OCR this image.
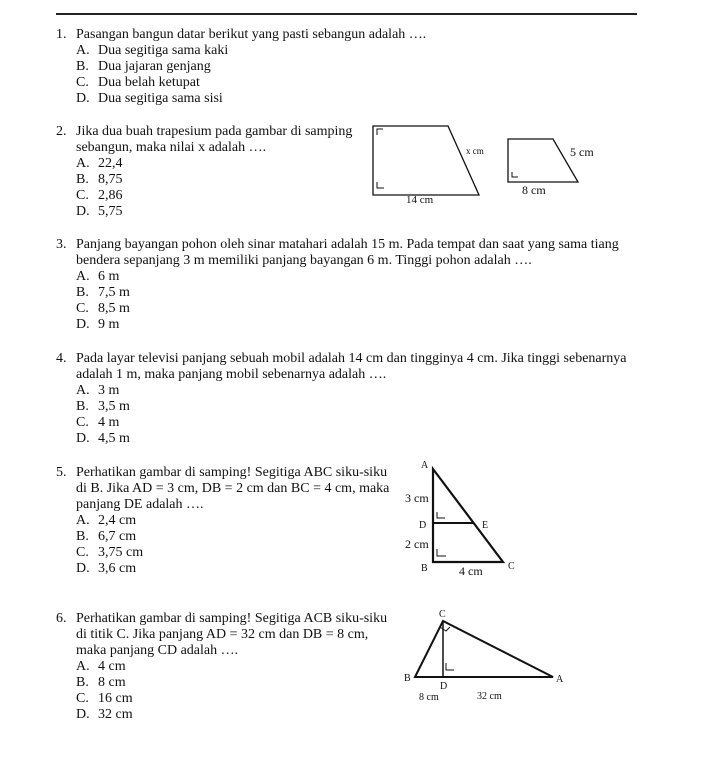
1. Pasangan bangun datar berikut yang pasti sebangun adalah ….

A. Dua segitiga sama kaki
B. Dua jajaran genjang
C. Dua belah ketupat
D. Dua segitiga sama sisi

2. Jika dua buah trapesium pada gambar di samping
sebangun, maka nilai x adalah ….

A. 22,4
B. 8,75
C. 2,86
D. 5,75

3. Panjang bayangan pohon oleh sinar matahari adalah 15 m. Pada tempat dan saat yang sama tiang
bendera sepanjang 3 m memiliki panjang bayangan 6 m. Tinggi pohon adalah ….

A. 6 m
B. 7,5 m
C. 8,5 m
D. 9 m

4. Pada layar televisi panjang sebuah mobil adalah 14 cm dan tingginya 4 cm. Jika tinggi sebenarnya
adalah 1 m, maka panjang mobil sebenarnya adalah ….

A. 3 m
B. 3,5 m
C. 4 m
D. 4,5 m

5. Perhatikan gambar di samping! Segitiga ABC siku-siku
di B. Jika AD = 3 cm, DB = 2 cm dan BC = 4 cm, maka
panjang DE adalah ….

A. 2,4 cm
B. 6,7 cm
C. 3,75 cm
D. 3,6 cm

6. Perhatikan gambar di samping! Segitiga ACB siku-siku
di titik C. Jika panjang AD = 32 cm dan DB = 8 cm,
maka panjang CD adalah ….

A. 4 cm
B. 8 cm
C. 16 cm
D. 32 cm
x cm
14 cm
5 cm
8 cm
A
D	E
B	C
3 cm
2 cm
4 cm
C
B
D
A
8 cm	32 cm
